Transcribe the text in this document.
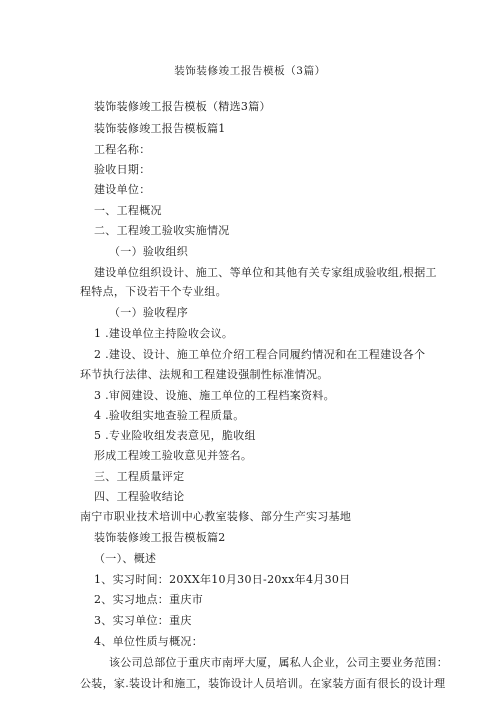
装饰装修竣工报告模板（3篇）
装饰装修竣工报告模板（精选3篇）
装饰装修竣工报告模板篇1
工程名称：
验收日期：
建设单位：
一、工程概况
二、工程竣工验收实施情况
（一）验收组织
建设单位组织设计、施工、等单位和其他有关专家组成验收组,根据工
程特点，下设若干个专业组。
（一）验收程序
1 .建设单位主持险收会议。
2 .建设、设计、施工单位介绍工程合同履约情况和在工程建设各个
环节执行法律、法规和工程建设强制性标准情况。
3 .审阅建设、设施、施工单位的工程档案资料。
4 .验收组实地查验工程质量。
5 .专业险收组发表意见，脆收组
形成工程竣工验收意见并签名。
三、工程质量评定
四、工程验收结论
南宁市职业技术培训中心教室装修、部分生产实习基地
装饰装修竣工报告模板篇2
（一）、概述
1、实习时间：20XX年10月30日-20xx年4月30日
2、实习地点：重庆市
3、实习单位：重庆
4、单位性质与概况：
该公司总部位于重庆市南坪大厦，属私人企业，公司主要业务范围：
公装，家.装设计和施工，装饰设计人员培训。在家装方面有很长的设计理
